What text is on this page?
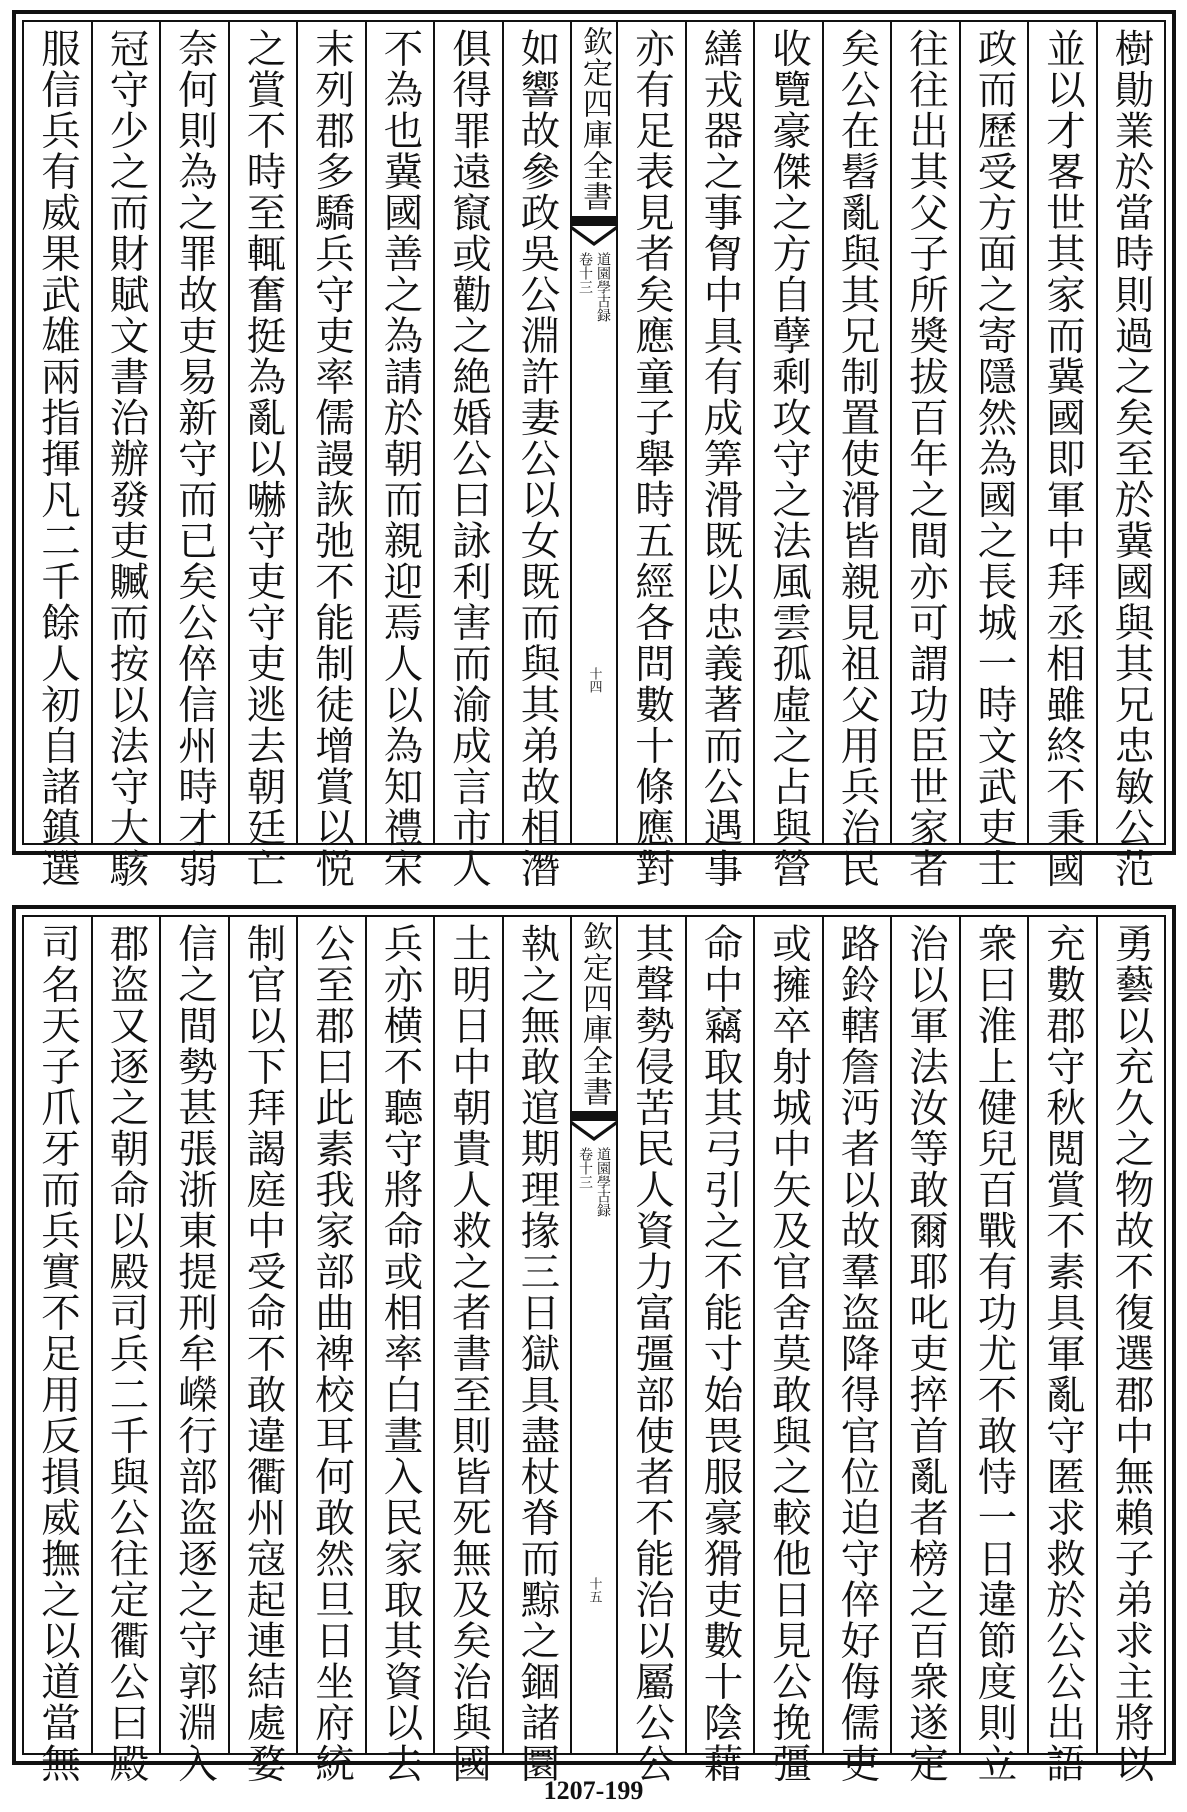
樹勛業於當時則過之矣至於冀國與其兄忠敏公范
並以才畧世其家而冀國即軍中拜丞相雖終不秉國
政而歷受方面之寄隱然為國之長城一時文武吏士
往往出其父子所奬拔百年之間亦可謂功臣世家者
矣公在髫亂與其兄制置使滑皆親見祖父用兵治民
收覽豪傑之方自孽剩攻守之法風雲孤虛之占與營
繕戎器之事胷中具有成筭滑既以忠義著而公遇事
亦有足表見者矣應童子舉時五經各問數十條應對
欽定四庫全書
道園學古録
卷十三
十四
如響故參政吳公淵許妻公以女既而與其弟故相潛
俱得罪遠竄或勸之絶婚公曰詠利害而渝成言市人
不為也冀國善之為請於朝而親迎焉人以為知禮宋
末列郡多驕兵守吏率儒謾詼弛不能制徒增賞以悦
之賞不時至輒奮挺為亂以嚇守吏守吏逃去朝廷亡
奈何則為之罪故吏易新守而已矣公倅信州時才弱
冠守少之而財賦文書治辦發吏贓而按以法守大駭
服信兵有威果武雄兩指揮凡二千餘人初自諸鎮選
勇藝以充久之物故不復選郡中無賴子弟求主將以
充數郡守秋閲賞不素具軍亂守匿求救於公公出語
衆曰淮上健兒百戰有功尤不敢恃一日違節度則立
治以軍法汝等敢爾耶叱吏捽首亂者榜之百衆遂定
路鈴轄詹沔者以故羣盗降得官位迫守倅好侮儒吏
或擁卒射城中矢及官舍莫敢與之較他日見公挽彊
命中竊取其弓引之不能寸始畏服豪猾吏數十陰藉
其聲勢侵苦民人資力富彊部使者不能治以屬公公
欽定四庫全書
道園學古録
卷十三
十五
執之無敢逭期理掾三日獄具盡杖脊而黥之錮諸圜
土明日中朝貴人救之者書至則皆死無及矣治與國
兵亦横不聽守將命或相率白晝入民家取其資以去
公至郡曰此素我家部曲裨校耳何敢然旦日坐府統
制官以下拜謁庭中受命不敢違衢州寇起連結處婺
信之間勢甚張浙東提刑牟嶸行部盗逐之守郭淵入
郡盗又逐之朝命以殿司兵二千與公往定衢公曰殿
司名天子爪牙而兵實不足用反損威撫之以道當無
1207-199
